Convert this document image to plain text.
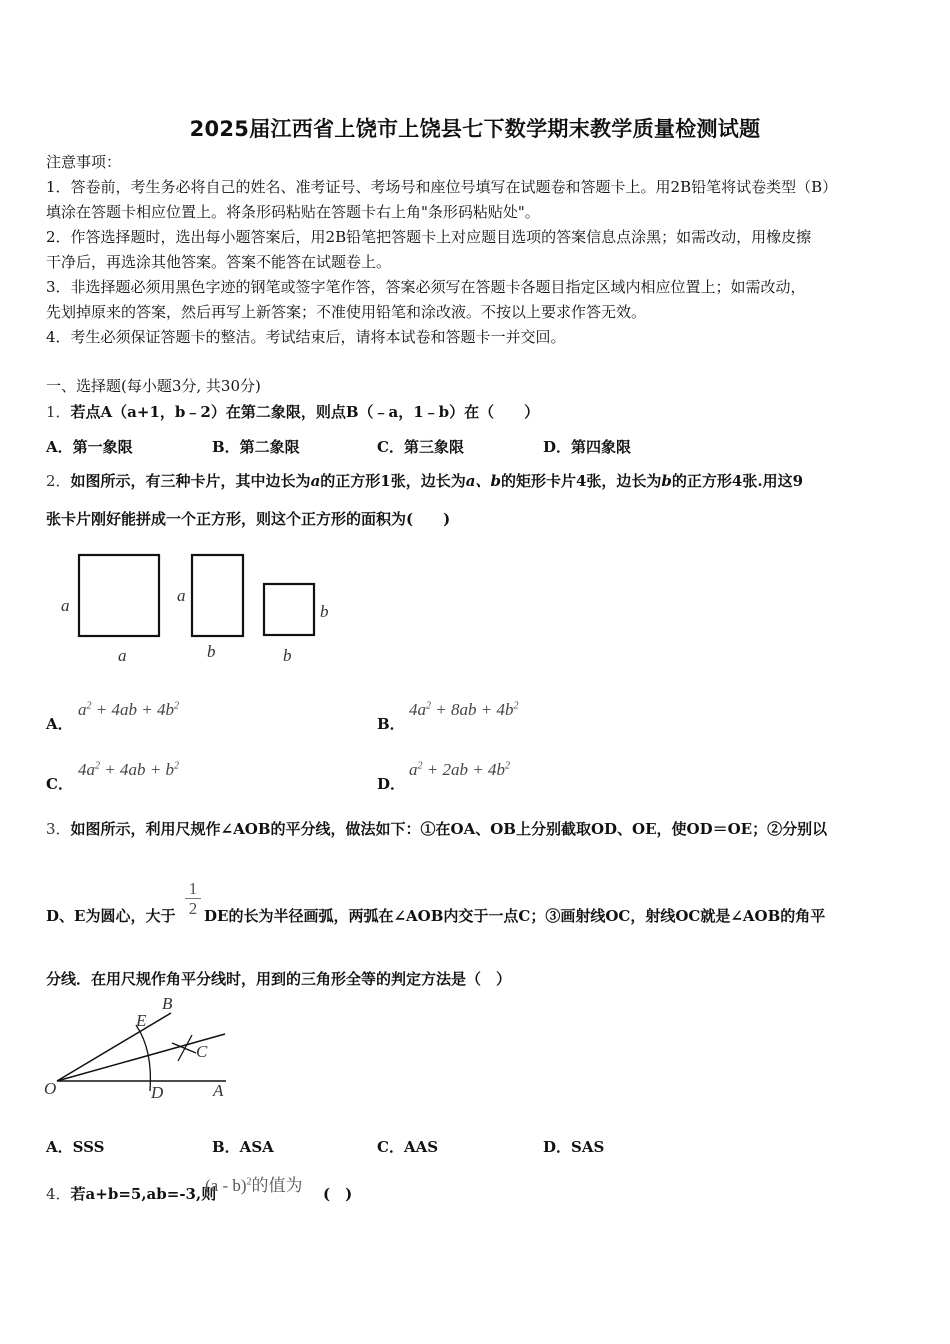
2025届江西省上饶市上饶县七下数学期末教学质量检测试题
注意事项：
1．答卷前，考生务必将自己的姓名、准考证号、考场号和座位号填写在试题卷和答题卡上。用2B铅笔将试卷类型（B）
填涂在答题卡相应位置上。将条形码粘贴在答题卡右上角"条形码粘贴处"。
2．作答选择题时，选出每小题答案后，用2B铅笔把答题卡上对应题目选项的答案信息点涂黑；如需改动，用橡皮擦
干净后，再选涂其他答案。答案不能答在试题卷上。
3．非选择题必须用黑色字迹的钢笔或签字笔作答，答案必须写在答题卡各题目指定区域内相应位置上；如需改动，
先划掉原来的答案，然后再写上新答案；不准使用铅笔和涂改液。不按以上要求作答无效。
4．考生必须保证答题卡的整洁。考试结束后，请将本试卷和答题卡一并交回。
一、选择题(每小题3分, 共30分)
1．若点A（a+1，b﹣2）在第二象限，则点B（﹣a，1﹣b）在（　　）
A．第一象限	B．第二象限	C．第三象限	D．第四象限
2．如图所示，有三种卡片，其中边长为a的正方形1张，边长为a、b的矩形卡片4张，边长为b的正方形4张.用这9
张卡片刚好能拼成一个正方形，则这个正方形的面积为(　　)
a
a
a
b
b
b
A．
$a^2 + 4ab + 4b^2$
B．
$4a^2 + 8ab + 4b^2$
C．
$4a^2 + 4ab + b^2$
D．
$a^2 + 2ab + 4b^2$
3．如图所示，利用尺规作∠AOB的平分线，做法如下：①在OA、OB上分别截取OD、OE，使OD＝OE；②分别以
D、E为圆心，大于 $\frac{1}{2}$ DE的长为半径画弧，两弧在∠AOB内交于一点C；③画射线OC，射线OC就是∠AOB的角平
分线．在用尺规作角平分线时，用到的三角形全等的判定方法是（　）
B
E
C
O	D	A
A．SSS	B．ASA	C．AAS	D．SAS
4．若a+b=5,ab=-3,则
(a - b)$^2$的值为 (　)
